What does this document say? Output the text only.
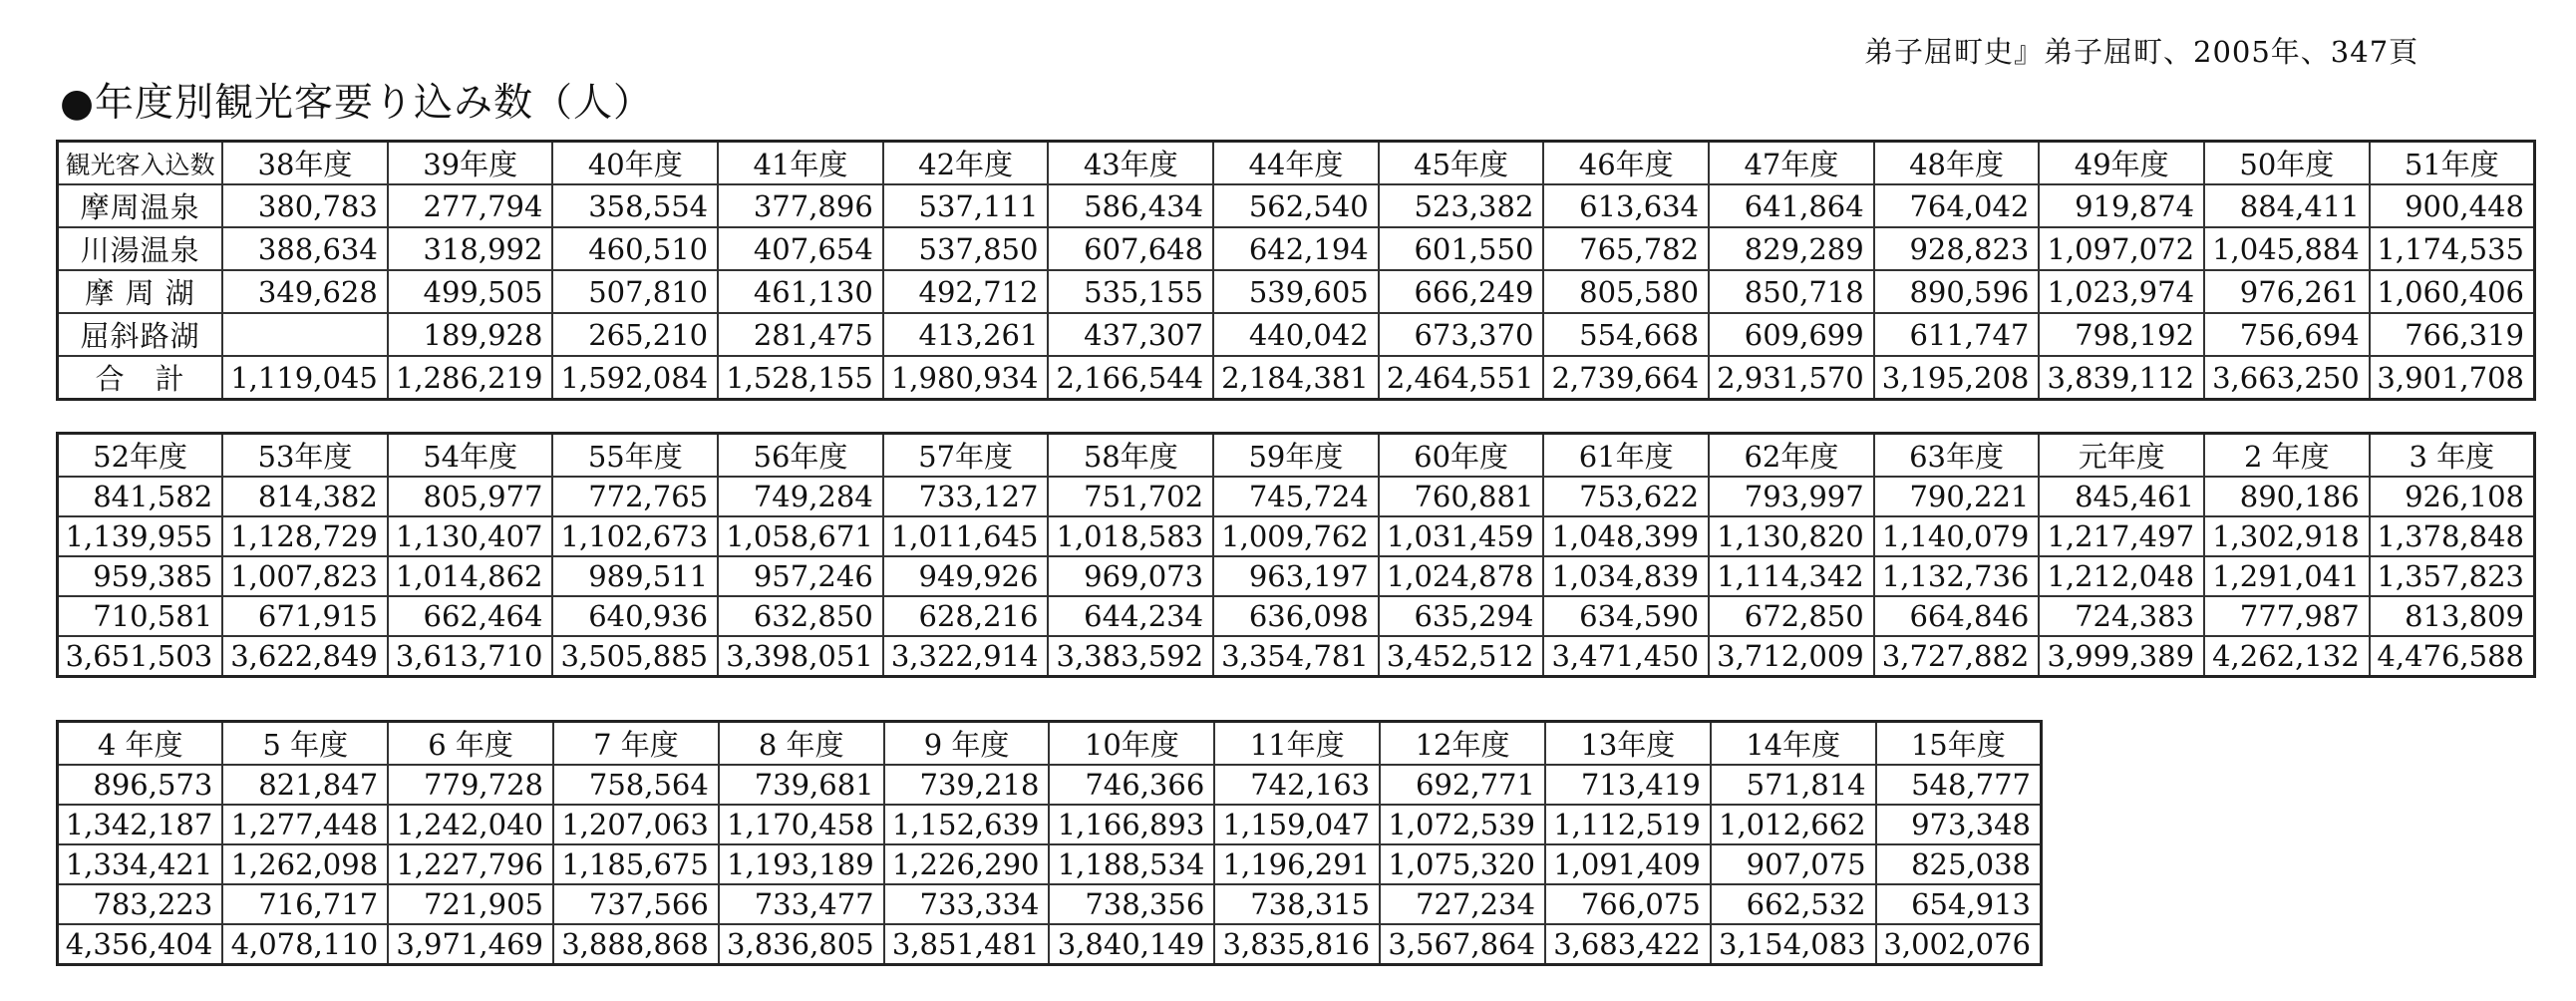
弟子屈町史』弟子屈町、2005年、347頁
●年度別観光客要り込み数（人）
観光客入込数	38年度	39年度	40年度	41年度	42年度	43年度	44年度	45年度	46年度	47年度	48年度	49年度	50年度	51年度
摩周温泉	380,783	277,794	358,554	377,896	537,111	586,434	562,540	523,382	613,634	641,864	764,042	919,874	884,411	900,448
川湯温泉	388,634	318,992	460,510	407,654	537,850	607,648	642,194	601,550	765,782	829,289	928,823	1,097,072	1,045,884	1,174,535
摩 周 湖	349,628	499,505	507,810	461,130	492,712	535,155	539,605	666,249	805,580	850,718	890,596	1,023,974	976,261	1,060,406
屈斜路湖		189,928	265,210	281,475	413,261	437,307	440,042	673,370	554,668	609,699	611,747	798,192	756,694	766,319
合　計	1,119,045	1,286,219	1,592,084	1,528,155	1,980,934	2,166,544	2,184,381	2,464,551	2,739,664	2,931,570	3,195,208	3,839,112	3,663,250	3,901,708
52年度	53年度	54年度	55年度	56年度	57年度	58年度	59年度	60年度	61年度	62年度	63年度	元年度	2 年度	3 年度
841,582	814,382	805,977	772,765	749,284	733,127	751,702	745,724	760,881	753,622	793,997	790,221	845,461	890,186	926,108
1,139,955	1,128,729	1,130,407	1,102,673	1,058,671	1,011,645	1,018,583	1,009,762	1,031,459	1,048,399	1,130,820	1,140,079	1,217,497	1,302,918	1,378,848
959,385	1,007,823	1,014,862	989,511	957,246	949,926	969,073	963,197	1,024,878	1,034,839	1,114,342	1,132,736	1,212,048	1,291,041	1,357,823
710,581	671,915	662,464	640,936	632,850	628,216	644,234	636,098	635,294	634,590	672,850	664,846	724,383	777,987	813,809
3,651,503	3,622,849	3,613,710	3,505,885	3,398,051	3,322,914	3,383,592	3,354,781	3,452,512	3,471,450	3,712,009	3,727,882	3,999,389	4,262,132	4,476,588
4 年度	5 年度	6 年度	7 年度	8 年度	9 年度	10年度	11年度	12年度	13年度	14年度	15年度
896,573	821,847	779,728	758,564	739,681	739,218	746,366	742,163	692,771	713,419	571,814	548,777
1,342,187	1,277,448	1,242,040	1,207,063	1,170,458	1,152,639	1,166,893	1,159,047	1,072,539	1,112,519	1,012,662	973,348
1,334,421	1,262,098	1,227,796	1,185,675	1,193,189	1,226,290	1,188,534	1,196,291	1,075,320	1,091,409	907,075	825,038
783,223	716,717	721,905	737,566	733,477	733,334	738,356	738,315	727,234	766,075	662,532	654,913
4,356,404	4,078,110	3,971,469	3,888,868	3,836,805	3,851,481	3,840,149	3,835,816	3,567,864	3,683,422	3,154,083	3,002,076
